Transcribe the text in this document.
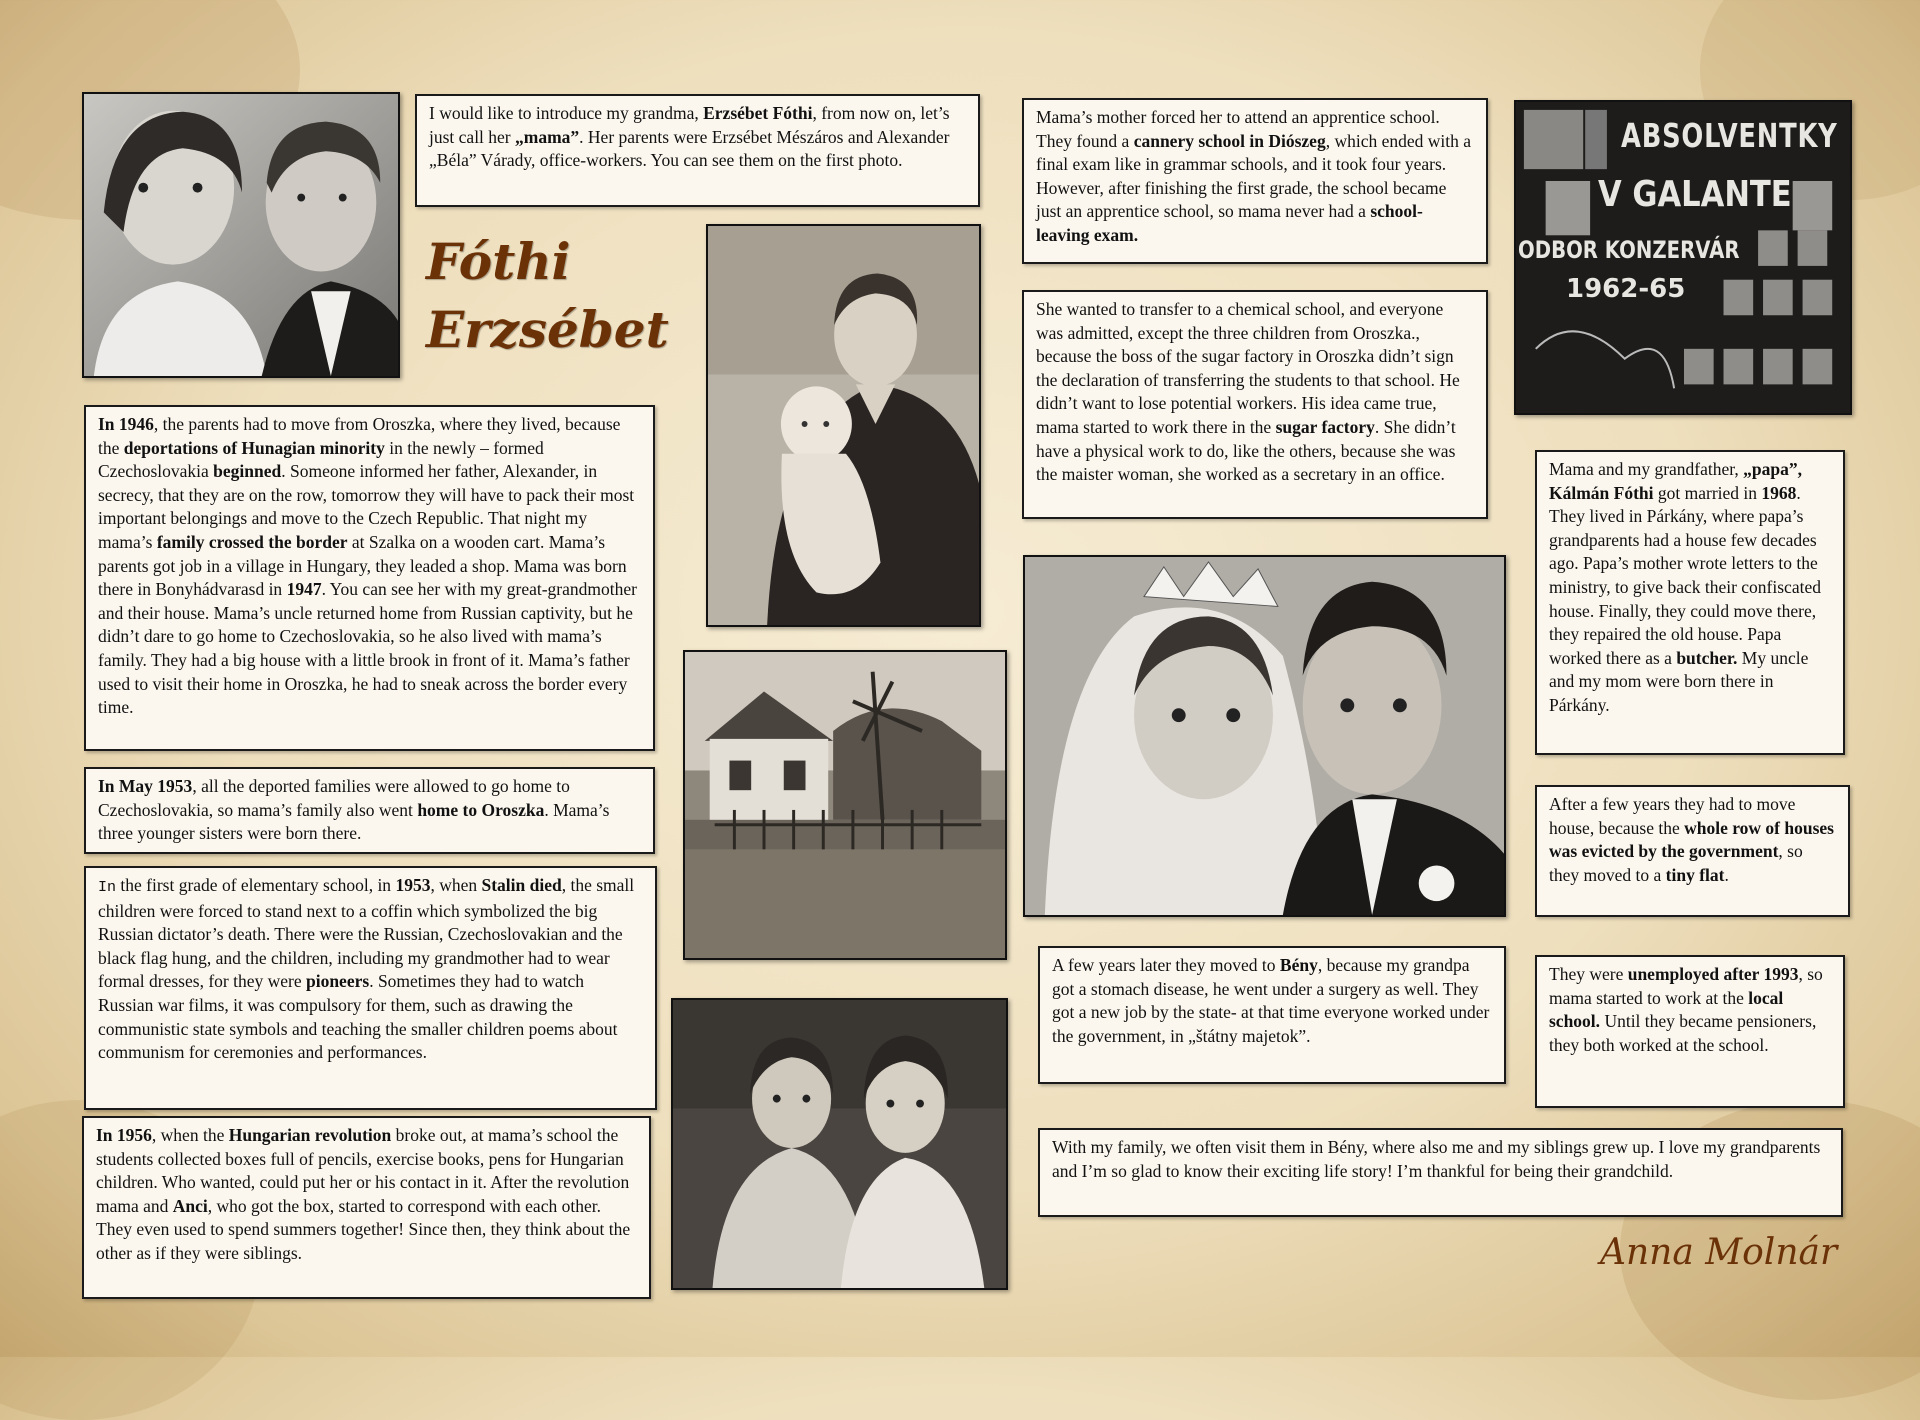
I would like to introduce my grandma, Erzsébet Fóthi, from now on, let’s just call her „mama”. Her parents were Erzsébet Mészáros and Alexander „Béla” Várady, office-workers. You can see them on the first photo.
Fóthi
Erzsébet
ABSOLVENTKY
V GALANTE
ODBOR KONZERVÁR
1962-65
Mama’s mother forced her to attend an apprentice school. They found a cannery school in Diószeg, which ended with a final exam like in grammar schools, and it took four years. However, after finishing the first grade, the school became just an apprentice school, so mama never had a school-leaving exam.
She wanted to transfer to a chemical school, and everyone was admitted, except the three children from Oroszka., because the boss of the sugar factory in Oroszka didn’t sign the declaration of transferring the students to that school. He didn’t want to lose potential workers. His idea came true, mama started to work there in the sugar factory. She didn’t have a physical work to do, like the others, because she was the maister woman, she worked as a secretary in an office.
In 1946, the parents had to move from Oroszka, where they lived, because the deportations of Hunagian minority in the newly – formed Czechoslovakia beginned. Someone informed her father, Alexander, in secrecy, that they are on the row, tomorrow they will have to pack their most important belongings and move to the Czech Republic. That night my mama’s family crossed the border at Szalka on a wooden cart. Mama’s parents got job in a village in Hungary, they leaded a shop. Mama was born there in Bonyhádvarasd in 1947. You can see her with my great-grandmother and their house. Mama’s uncle returned home from Russian captivity, but he didn’t dare to go home to Czechoslovakia, so he also lived with mama’s family. They had a big house with a little brook in front of it. Mama’s father used to visit their home in Oroszka, he had to sneak across the border every time.
Mama and my grandfather, „papa”, Kálmán Fóthi got married in 1968. They lived in Párkány, where papa’s grandparents had a house few decades ago. Papa’s mother wrote letters to the ministry, to give back their confiscated house. Finally, they could move there, they repaired the old house. Papa worked there as a butcher. My uncle and my mom were born there in Párkány.
In May 1953, all the deported families were allowed to go home to Czechoslovakia, so mama’s family also went home to Oroszka. Mama’s three younger sisters were born there.
After a few years they had to move house, because the whole row of houses was evicted by the government, so they moved to a tiny flat.
In the first grade of elementary school, in 1953, when Stalin died, the small children were forced to stand next to a coffin which symbolized the big Russian dictator’s death. There were the Russian, Czechoslovakian and the black flag hung, and the children, including my grandmother had to wear formal dresses, for they were pioneers. Sometimes they had to watch Russian war films, it was compulsory for them, such as drawing the communistic state symbols and teaching the smaller children poems about communism for ceremonies and performances.
A few years later they moved to Bény, because my grandpa got a stomach disease, he went under a surgery as well. They got a new job by the state- at that time everyone worked under the government, in „štátny majetok”.
They were unemployed after 1993, so mama started to work at the local school. Until they became pensioners, they both worked at the school.
In 1956, when the Hungarian revolution broke out, at mama’s school the students collected boxes full of pencils, exercise books, pens for Hungarian children. Who wanted, could put her or his contact in it. After the revolution mama and Anci, who got the box, started to correspond with each other. They even used to spend summers together! Since then, they think about the other as if they were siblings.
With my family, we often visit them in Bény, where also me and my siblings grew up. I love my grandparents and I’m so glad to know their exciting life story! I’m thankful for being their grandchild.
Anna Molnár
